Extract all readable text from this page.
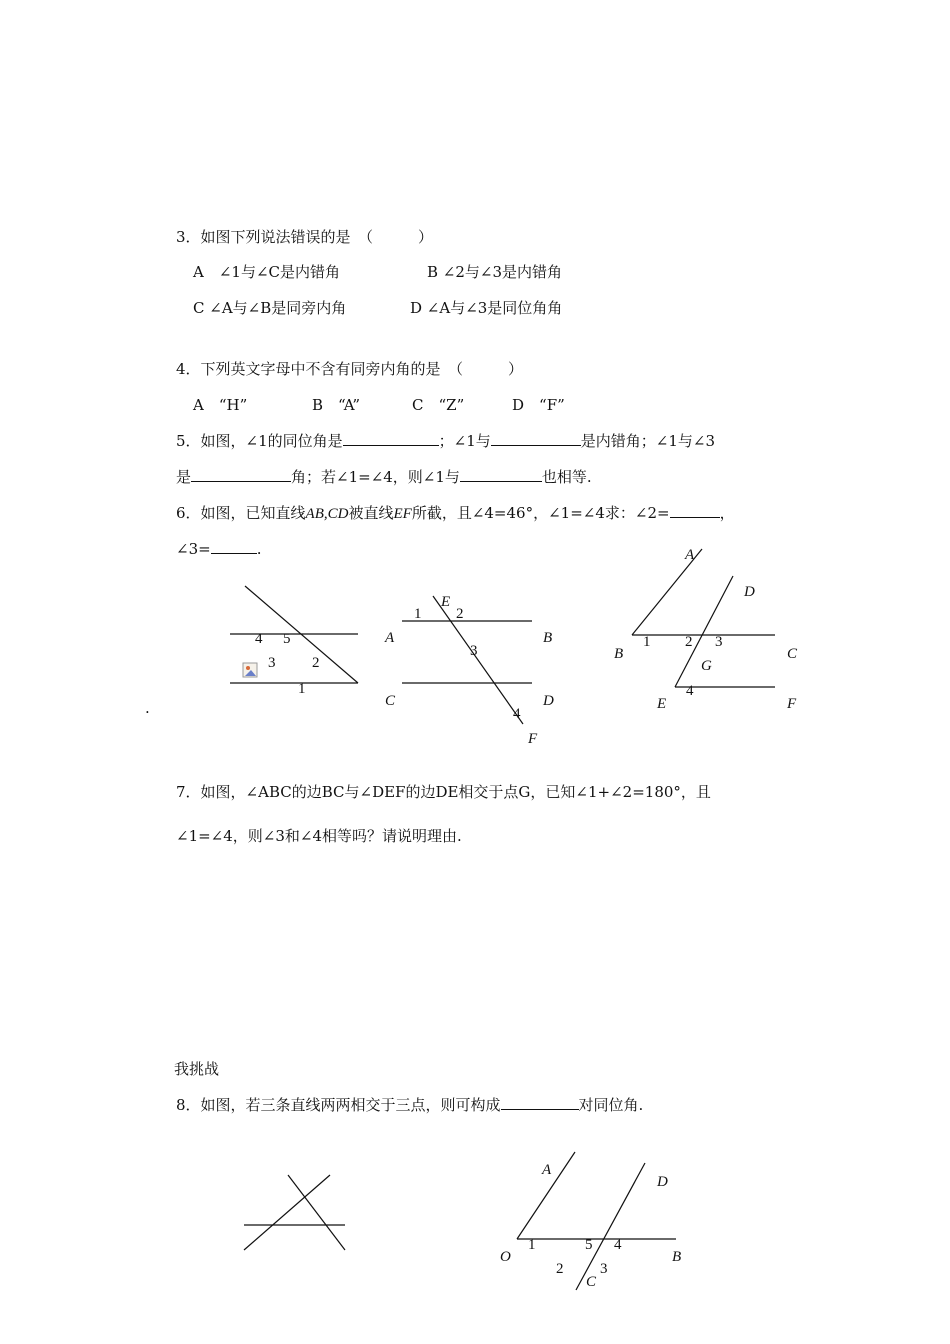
3．如图下列说法错误的是　（　　　）
A　∠1与∠C是内错角	B ∠2与∠3是内错角
C ∠A与∠B是同旁内角	D ∠A与∠3是同位角角
4．下列英文字母中不含有同旁内角的是　（　　　）
A　“H”	B　“A”	C　“Z”	D　“F”
5．如图，∠1的同位角是	；∠1与	是内错角；∠1与∠3
是	角；若∠1=∠4，则∠1与	也相等.
6．如图，已知直线AB,CD被直线EF所截，且∠4=46°，∠1=∠4求：∠2=	，
∠3=	.
.
4 5
3 2
1
1
E
2
A	B
3
C	D
4
F
A
D
B
1 2 3
C
G
4
E	F
A
D
O
1	5 4
B
2 3
C
7．如图，∠ABC的边BC与∠DEF的边DE相交于点G，已知∠1+∠2=180°，且
∠1=∠4，则∠3和∠4相等吗？请说明理由.
我挑战
8．如图，若三条直线两两相交于三点，则可构成	对同位角.
